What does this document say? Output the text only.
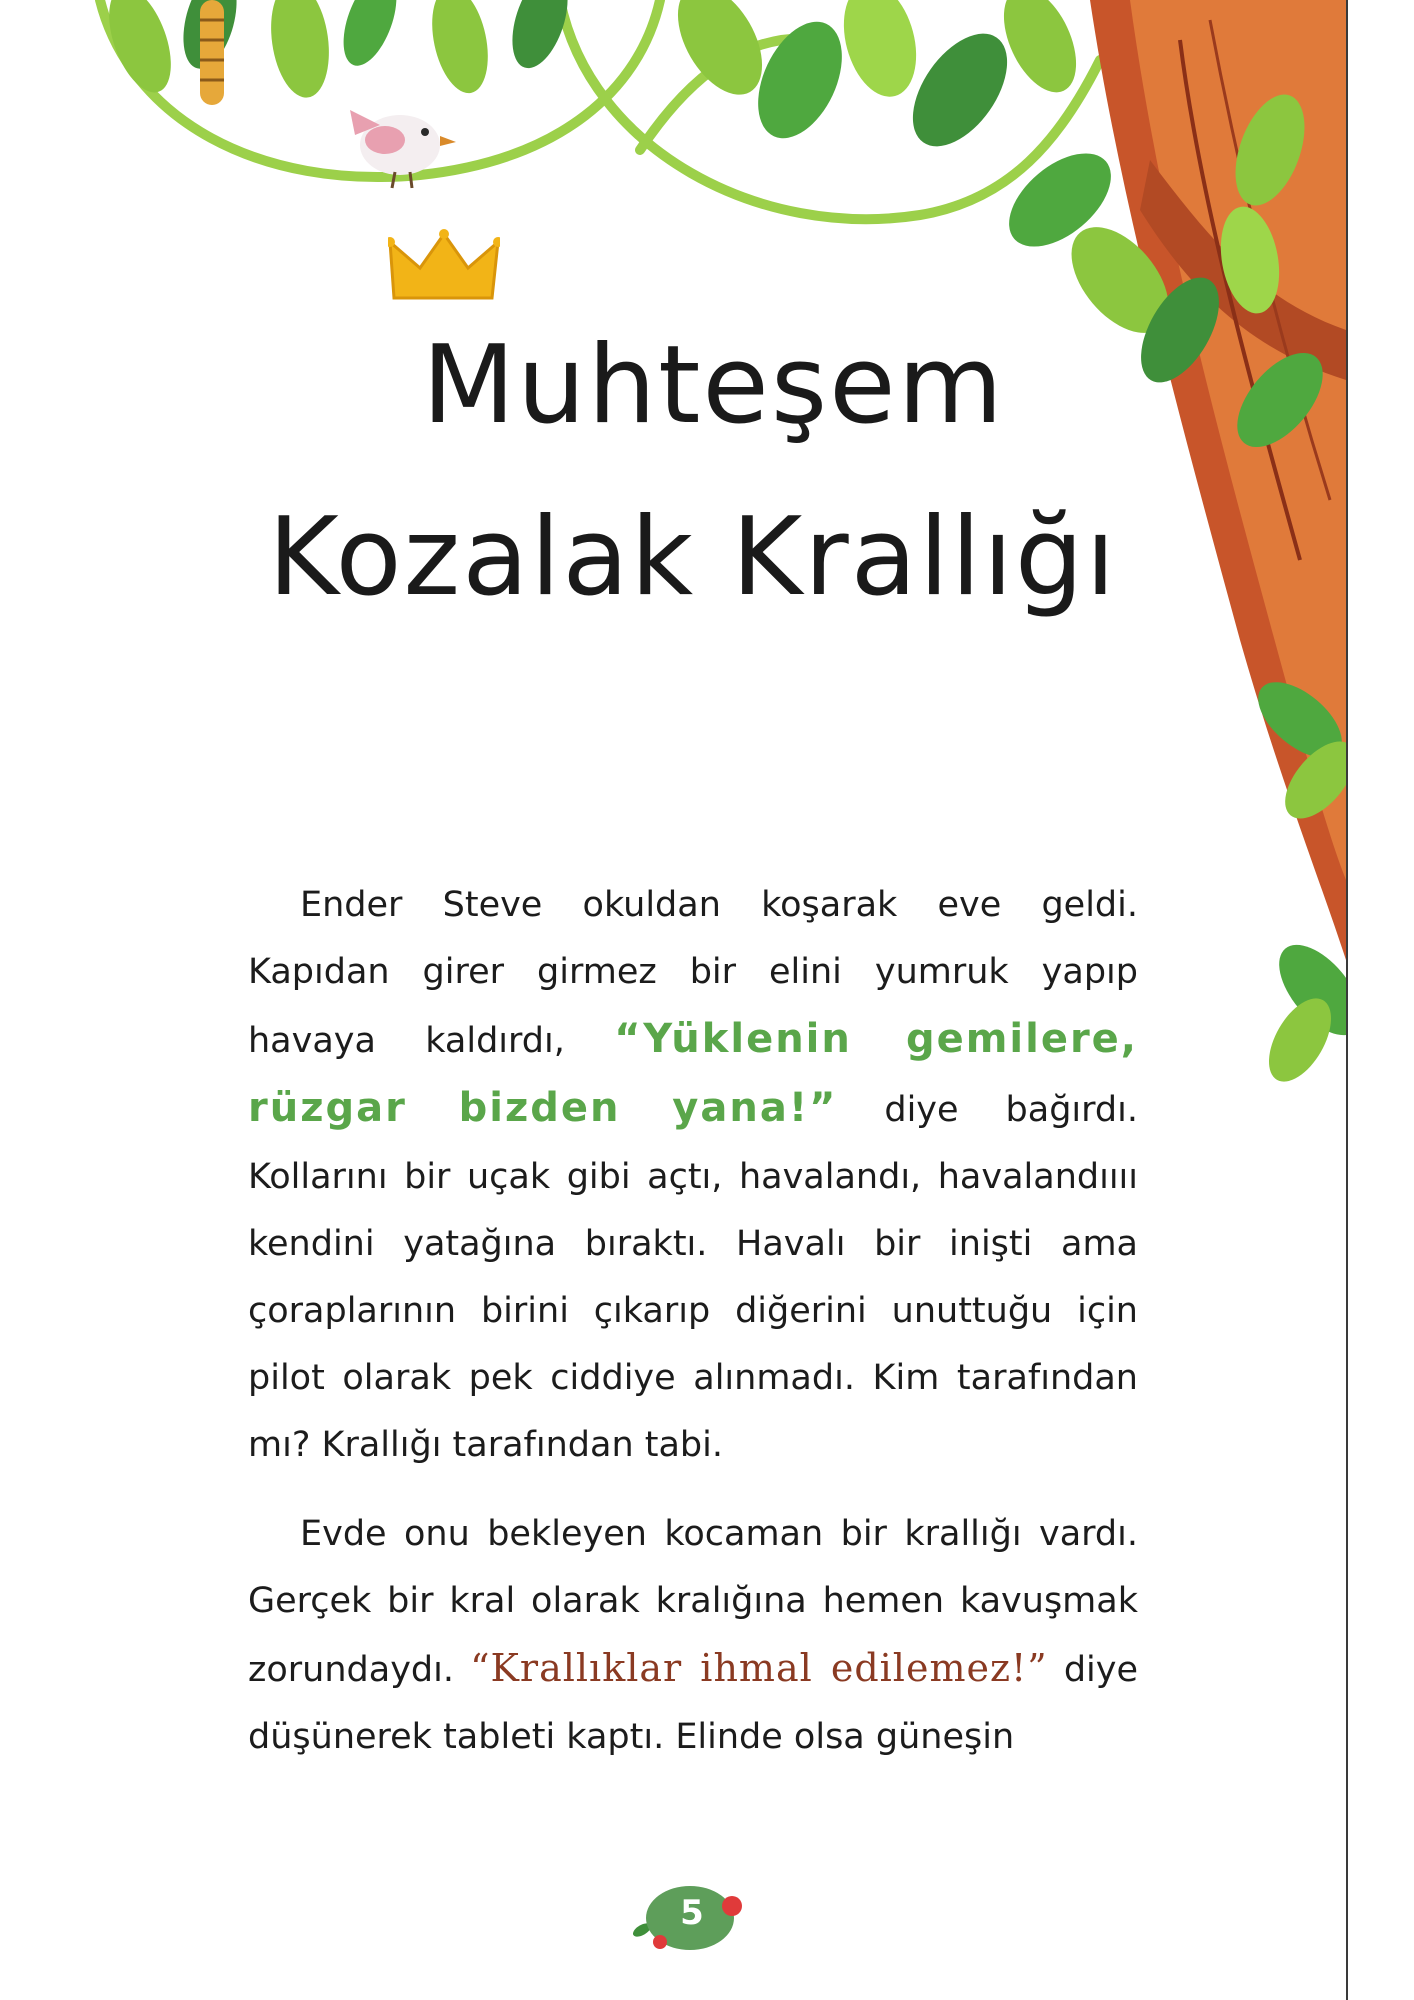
Muhteşem
Kozalak Krallığı

Ender Steve okuldan koşarak eve geldi. Kapıdan girer girmez bir elini yumruk yapıp havaya kaldırdı, “Yüklenin gemilere, rüzgar bizden yana!” diye bağırdı. Kollarını bir uçak gibi açtı, havalandı, havalandıııı kendini yatağına bıraktı. Havalı bir inişti ama çoraplarının birini çıkarıp diğerini unuttuğu için pilot olarak pek ciddiye alınmadı. Kim tarafından mı? Krallığı tarafından tabi.

Evde onu bekleyen kocaman bir krallığı vardı. Gerçek bir kral olarak kralığına hemen kavuşmak zorundaydı. “Krallıklar ihmal edilemez!” diye düşünerek tableti kaptı. Elinde olsa güneşin

5
